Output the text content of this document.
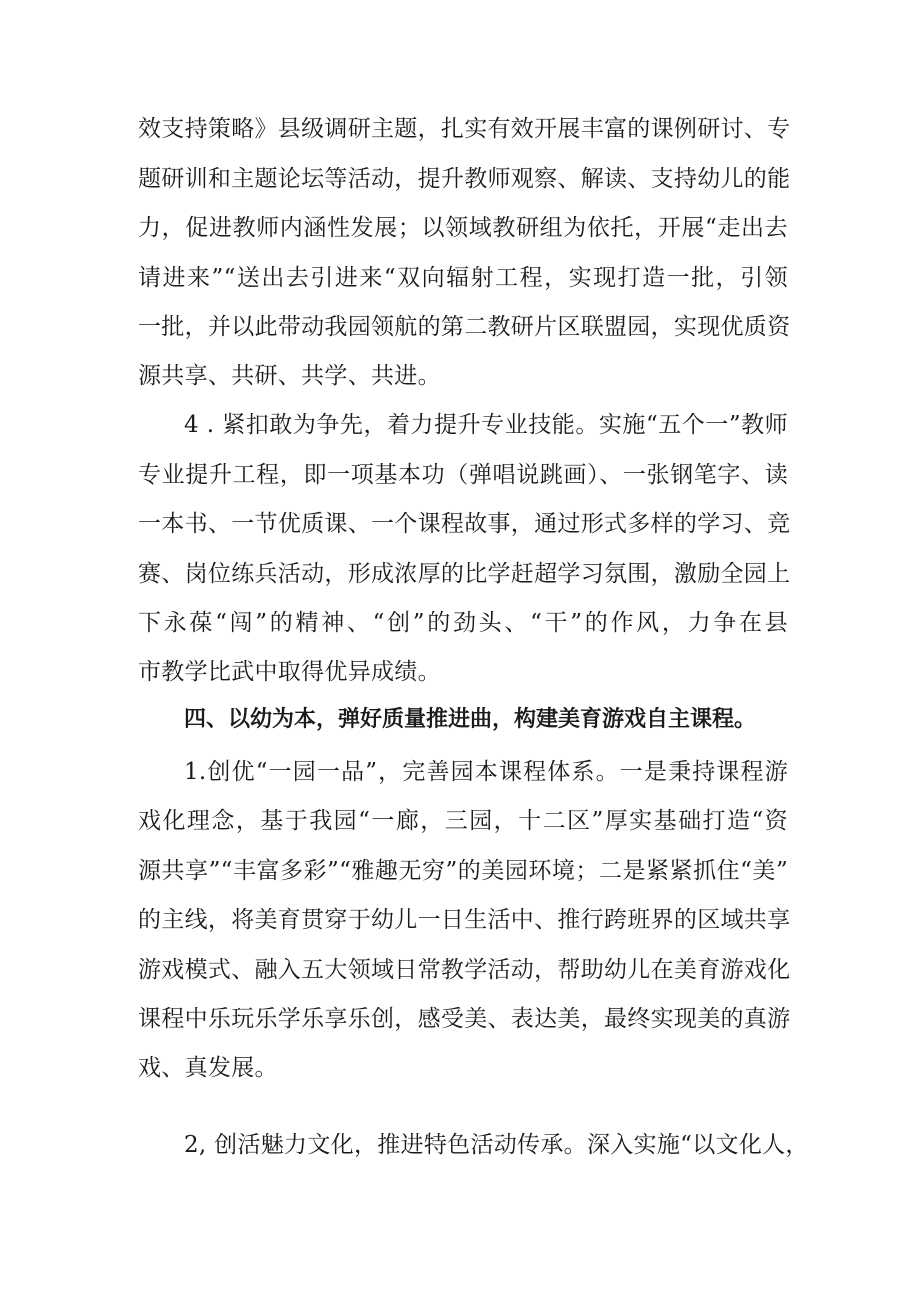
效支持策略》县级调研主题，扎实有效开展丰富的课例研讨、专
题研训和主题论坛等活动，提升教师观察、解读、支持幼儿的能
力，促进教师内涵性发展；以领域教研组为依托，开展“走出去
请进来”“送出去引进来“双向辐射工程，实现打造一批，引领
一批，并以此带动我园领航的第二教研片区联盟园，实现优质资
源共享、共研、共学、共进。
4 . 紧扣敢为争先，着力提升专业技能。实施“五个一”教师
专业提升工程，即一项基本功（弹唱说跳画）、一张钢笔字、读
一本书、一节优质课、一个课程故事，通过形式多样的学习、竞
赛、岗位练兵活动，形成浓厚的比学赶超学习氛围，激励全园上
下永葆“闯”的精神、“创”的劲头、“干”的作风，力争在县
市教学比武中取得优异成绩。
四、以幼为本，弹好质量推进曲，构建美育游戏自主课程。
1.创优“一园一品”，完善园本课程体系。一是秉持课程游
戏化理念，基于我园“一廊，三园，十二区”厚实基础打造“资
源共享”“丰富多彩”“雅趣无穷”的美园环境；二是紧紧抓住“美”
的主线，将美育贯穿于幼儿一日生活中、推行跨班界的区域共享
游戏模式、融入五大领域日常教学活动，帮助幼儿在美育游戏化
课程中乐玩乐学乐享乐创，感受美、表达美，最终实现美的真游
戏、真发展。
2, 创活魅力文化，推进特色活动传承。深入实施“以文化人，
